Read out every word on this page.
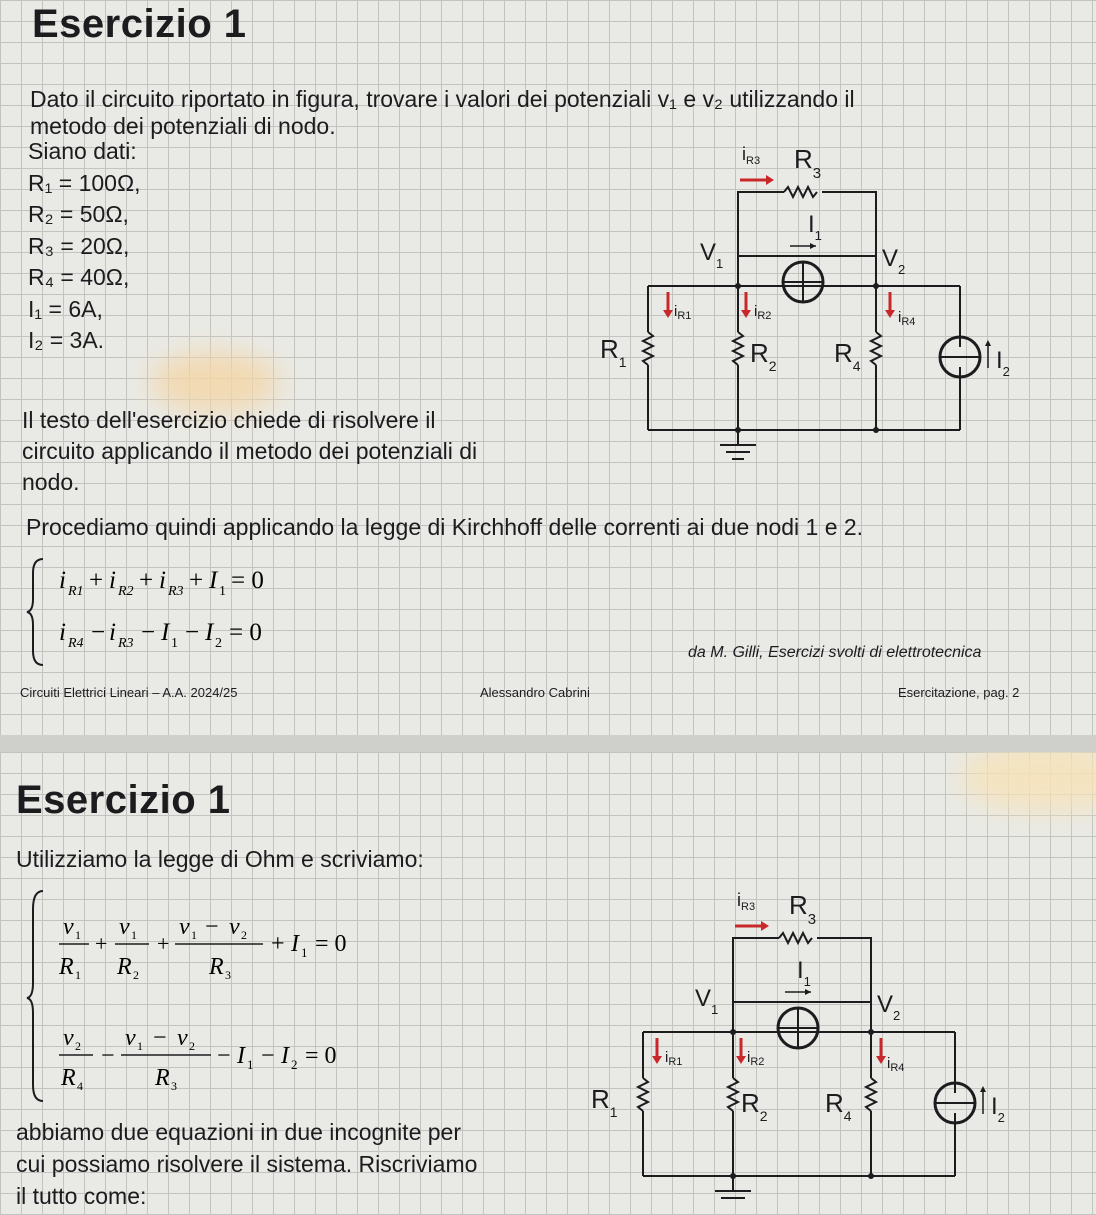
Esercizio 1
Dato il circuito riportato in figura, trovare i valori dei potenziali v₁ e v₂ utilizzando il
metodo dei potenziali di nodo.
Siano dati:
R₁ = 100Ω,
R₂ = 50Ω,
R₃ = 20Ω,
R₄ = 40Ω,
I₁ = 6A,
I₂ = 3A.
Il testo dell'esercizio chiede di risolvere il
circuito applicando il metodo dei potenziali di
nodo.
Procediamo quindi applicando la legge di Kirchhoff delle correnti ai due nodi 1 e 2.
i R1 + i R2 + i R3 + I 1 = 0
i R4 − i R3 − I 1 − I 2 = 0
da M. Gilli, Esercizi svolti di elettrotecnica
Circuiti Elettrici Lineari – A.A. 2024/25	Alessandro Cabrini	Esercitazione, pag. 2
$i_{R3}$ $R_3$
$I_1$
$V_1$	$V_2$
$i_{R1}$	$i_{R2}$	$i_{R4}$
$R_1$	$R_2$ $R_4$	$I_2$
Esercizio 1
Utilizziamo la legge di Ohm e scriviamo:
ν 1
R 1
+
ν 1
R 2
+
ν 1 − ν 2
R 3
+ I 1 = 0
ν 2
R 4
−
ν 1 − ν 2
R 3
− I 1 − I 2 = 0
abbiamo due equazioni in due incognite per
cui possiamo risolvere il sistema. Riscriviamo
il tutto come:
$i_{R3}$ $R_3$
$I_1$
$V_1$	$V_2$
$i_{R1}$	$i_{R2}$	$i_{R4}$
$R_1$	$R_2$ $R_4$	$I_2$
